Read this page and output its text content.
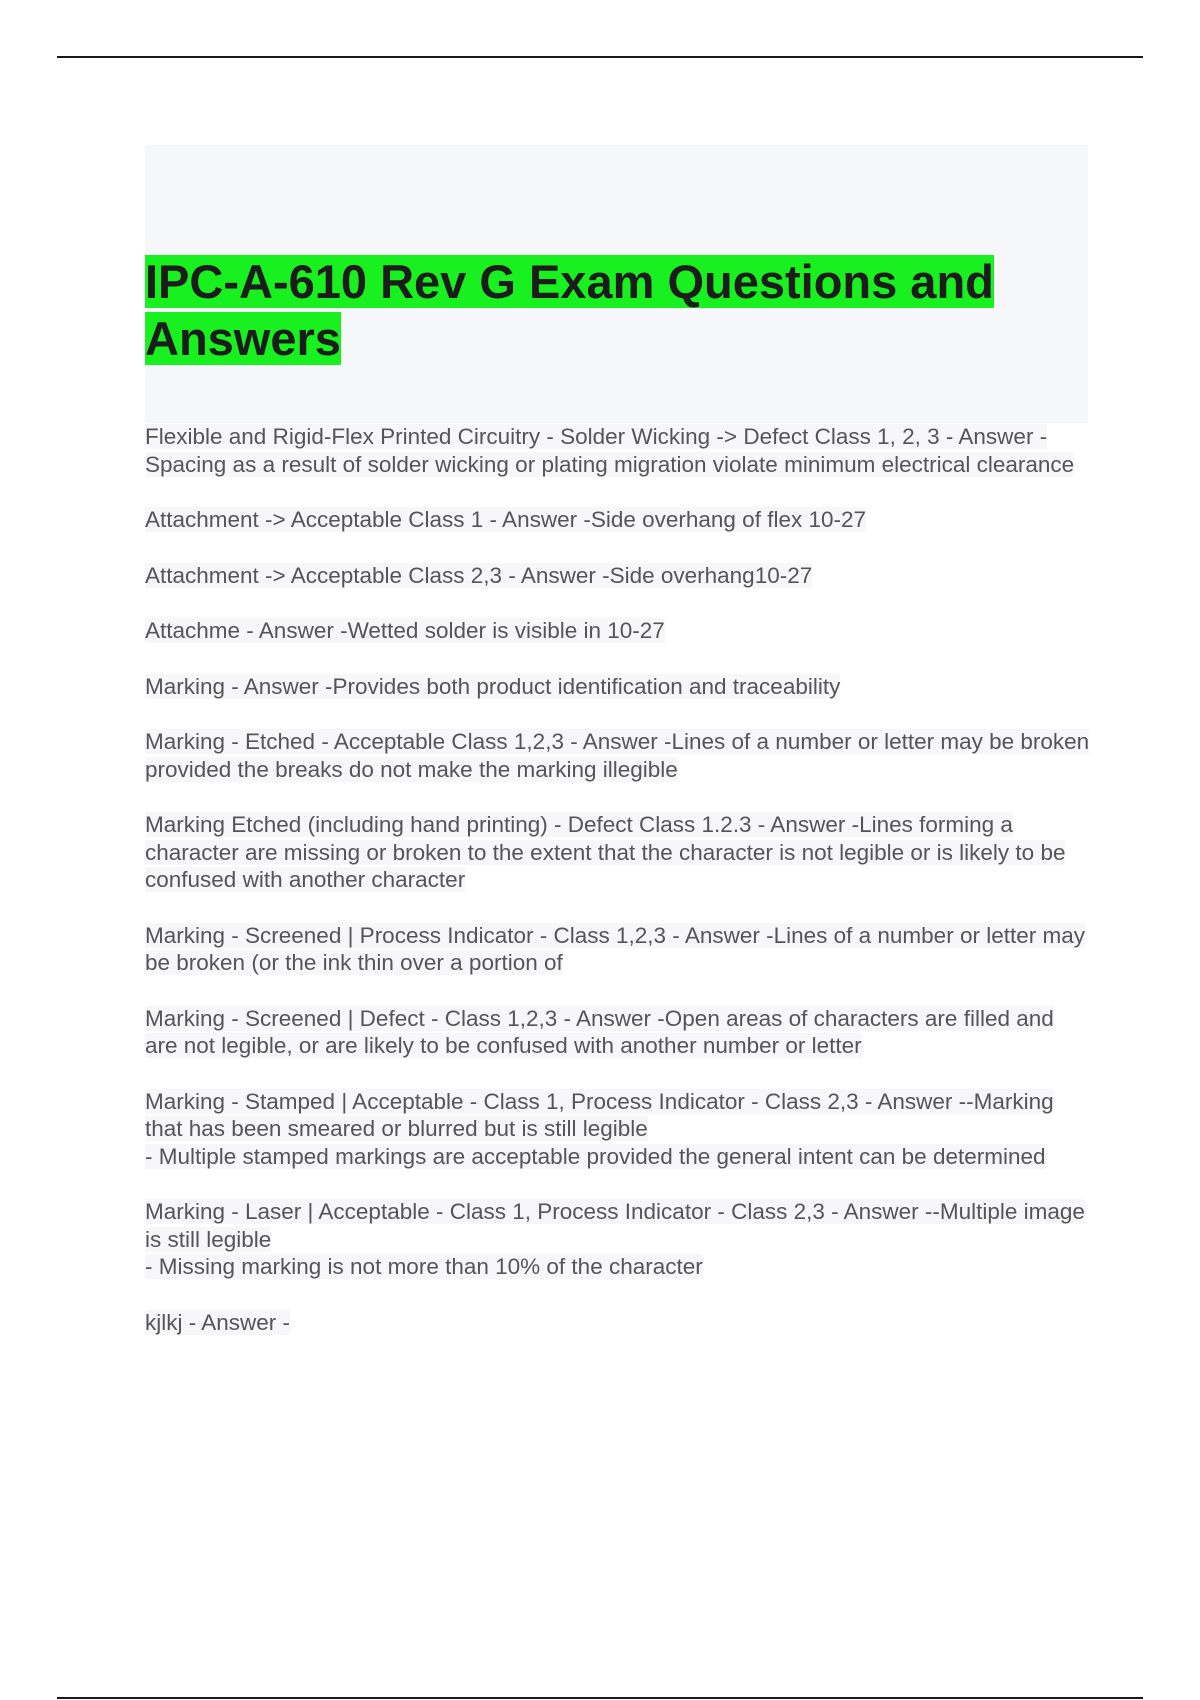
IPC-A-610 Rev G Exam Questions and Answers

Flexible and Rigid-Flex Printed Circuitry - Solder Wicking -> Defect Class 1, 2, 3 - Answer -Spacing as a result of solder wicking or plating migration violate minimum electrical clearance

Attachment -> Acceptable Class 1 - Answer -Side overhang of flex 10-27

Attachment -> Acceptable Class 2,3 - Answer -Side overhang10-27

Attachme - Answer -Wetted solder is visible in 10-27

Marking - Answer -Provides both product identification and traceability

Marking - Etched - Acceptable Class 1,2,3 - Answer -Lines of a number or letter may be broken provided the breaks do not make the marking illegible

Marking Etched (including hand printing) - Defect Class 1.2.3 - Answer -Lines forming a character are missing or broken to the extent that the character is not legible or is likely to be confused with another character

Marking - Screened | Process Indicator - Class 1,2,3 - Answer -Lines of a number or letter may be broken (or the ink thin over a portion of

Marking - Screened | Defect - Class 1,2,3 - Answer -Open areas of characters are filled and are not legible, or are likely to be confused with another number or letter

Marking - Stamped | Acceptable - Class 1, Process Indicator - Class 2,3 - Answer --Marking that has been smeared or blurred but is still legible
- Multiple stamped markings are acceptable provided the general intent can be determined

Marking - Laser | Acceptable - Class 1, Process Indicator - Class 2,3 - Answer --Multiple image is still legible
- Missing marking is not more than 10% of the character

kjlkj - Answer -
